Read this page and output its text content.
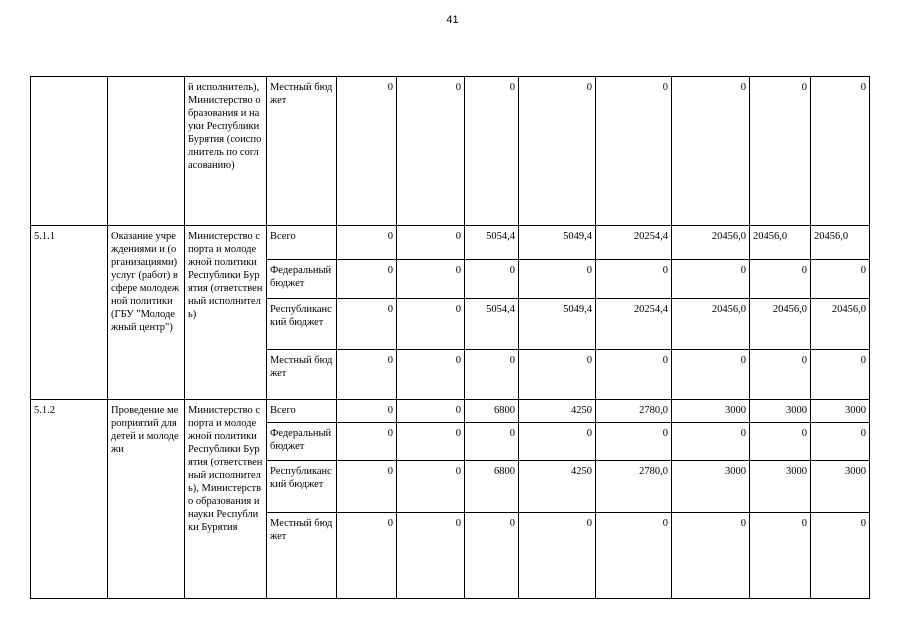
41
		й исполнитель), Министерство образования и науки Республики Бурятия (соисполнитель по согласованию)	Местный бюджет	0	0	0	0	0	0	0	0
5.1.1	Оказание учреждениями и (организациями) услуг (работ) в сфере молодежной политики (ГБУ "Молодежный центр")	Министерство спорта и молодежной политики Республики Бурятия (ответственный исполнитель)	Всего	0	0	5054,4	5049,4	20254,4	20456,0	20456,0	20456,0
			Федеральный бюджет	0	0	0	0	0	0	0	0
			Республиканский бюджет	0	0	5054,4	5049,4	20254,4	20456,0	20456,0	20456,0
			Местный бюджет	0	0	0	0	0	0	0	0
5.1.2	Проведение мероприятий для детей и молодежи	Министерство спорта и молодежной политики Республики Бурятия (ответственный исполнитель), Министерство образования и науки Республики Бурятия	Всего	0	0	6800	4250	2780,0	3000	3000	3000
			Федеральный бюджет	0	0	0	0	0	0	0	0
			Республиканский бюджет	0	0	6800	4250	2780,0	3000	3000	3000
			Местный бюджет	0	0	0	0	0	0	0	0
